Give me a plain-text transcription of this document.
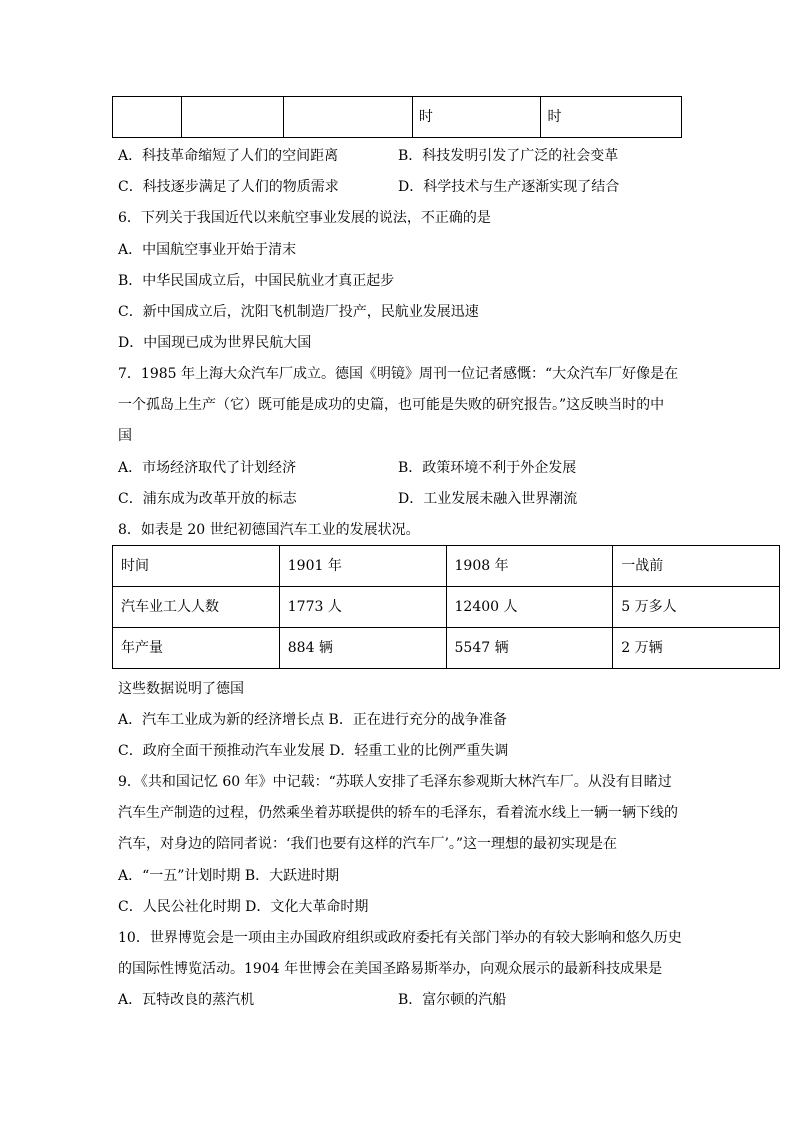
			时	时
A．科技革命缩短了人们的空间距离	B．科技发明引发了广泛的社会变革
C．科技逐步满足了人们的物质需求	D．科学技术与生产逐渐实现了结合
6．下列关于我国近代以来航空事业发展的说法，不正确的是
A．中国航空事业开始于清末
B．中华民国成立后，中国民航业才真正起步
C．新中国成立后，沈阳飞机制造厂投产，民航业发展迅速
D．中国现已成为世界民航大国
7．1985 年上海大众汽车厂成立。德国《明镜》周刊一位记者感慨：“大众汽车厂好像是在
一个孤岛上生产（它）既可能是成功的史篇，也可能是失败的研究报告。”这反映当时的中
国
A．市场经济取代了计划经济	B．政策环境不利于外企发展
C．浦东成为改革开放的标志	D．工业发展未融入世界潮流
8．如表是 20 世纪初德国汽车工业的发展状况。
时间	1901 年	1908 年	一战前
汽车业工人人数	1773 人	12400 人	5 万多人
年产量	884 辆	5547 辆	2 万辆
这些数据说明了德国
A．汽车工业成为新的经济增长点 B．正在进行充分的战争准备
C．政府全面干预推动汽车业发展 D．轻重工业的比例严重失调
9．《共和国记忆 60 年》中记载：“苏联人安排了毛泽东参观斯大林汽车厂。从没有目睹过
汽车生产制造的过程，仍然乘坐着苏联提供的轿车的毛泽东，看着流水线上一辆一辆下线的
汽车，对身边的陪同者说：‘我们也要有这样的汽车厂’。”这一理想的最初实现是在
A．“一五”计划时期 B．大跃进时期
C．人民公社化时期 D．文化大革命时期
10．世界博览会是一项由主办国政府组织或政府委托有关部门举办的有较大影响和悠久历史
的国际性博览活动。1904 年世博会在美国圣路易斯举办，向观众展示的最新科技成果是
A．瓦特改良的蒸汽机	B．富尔顿的汽船
